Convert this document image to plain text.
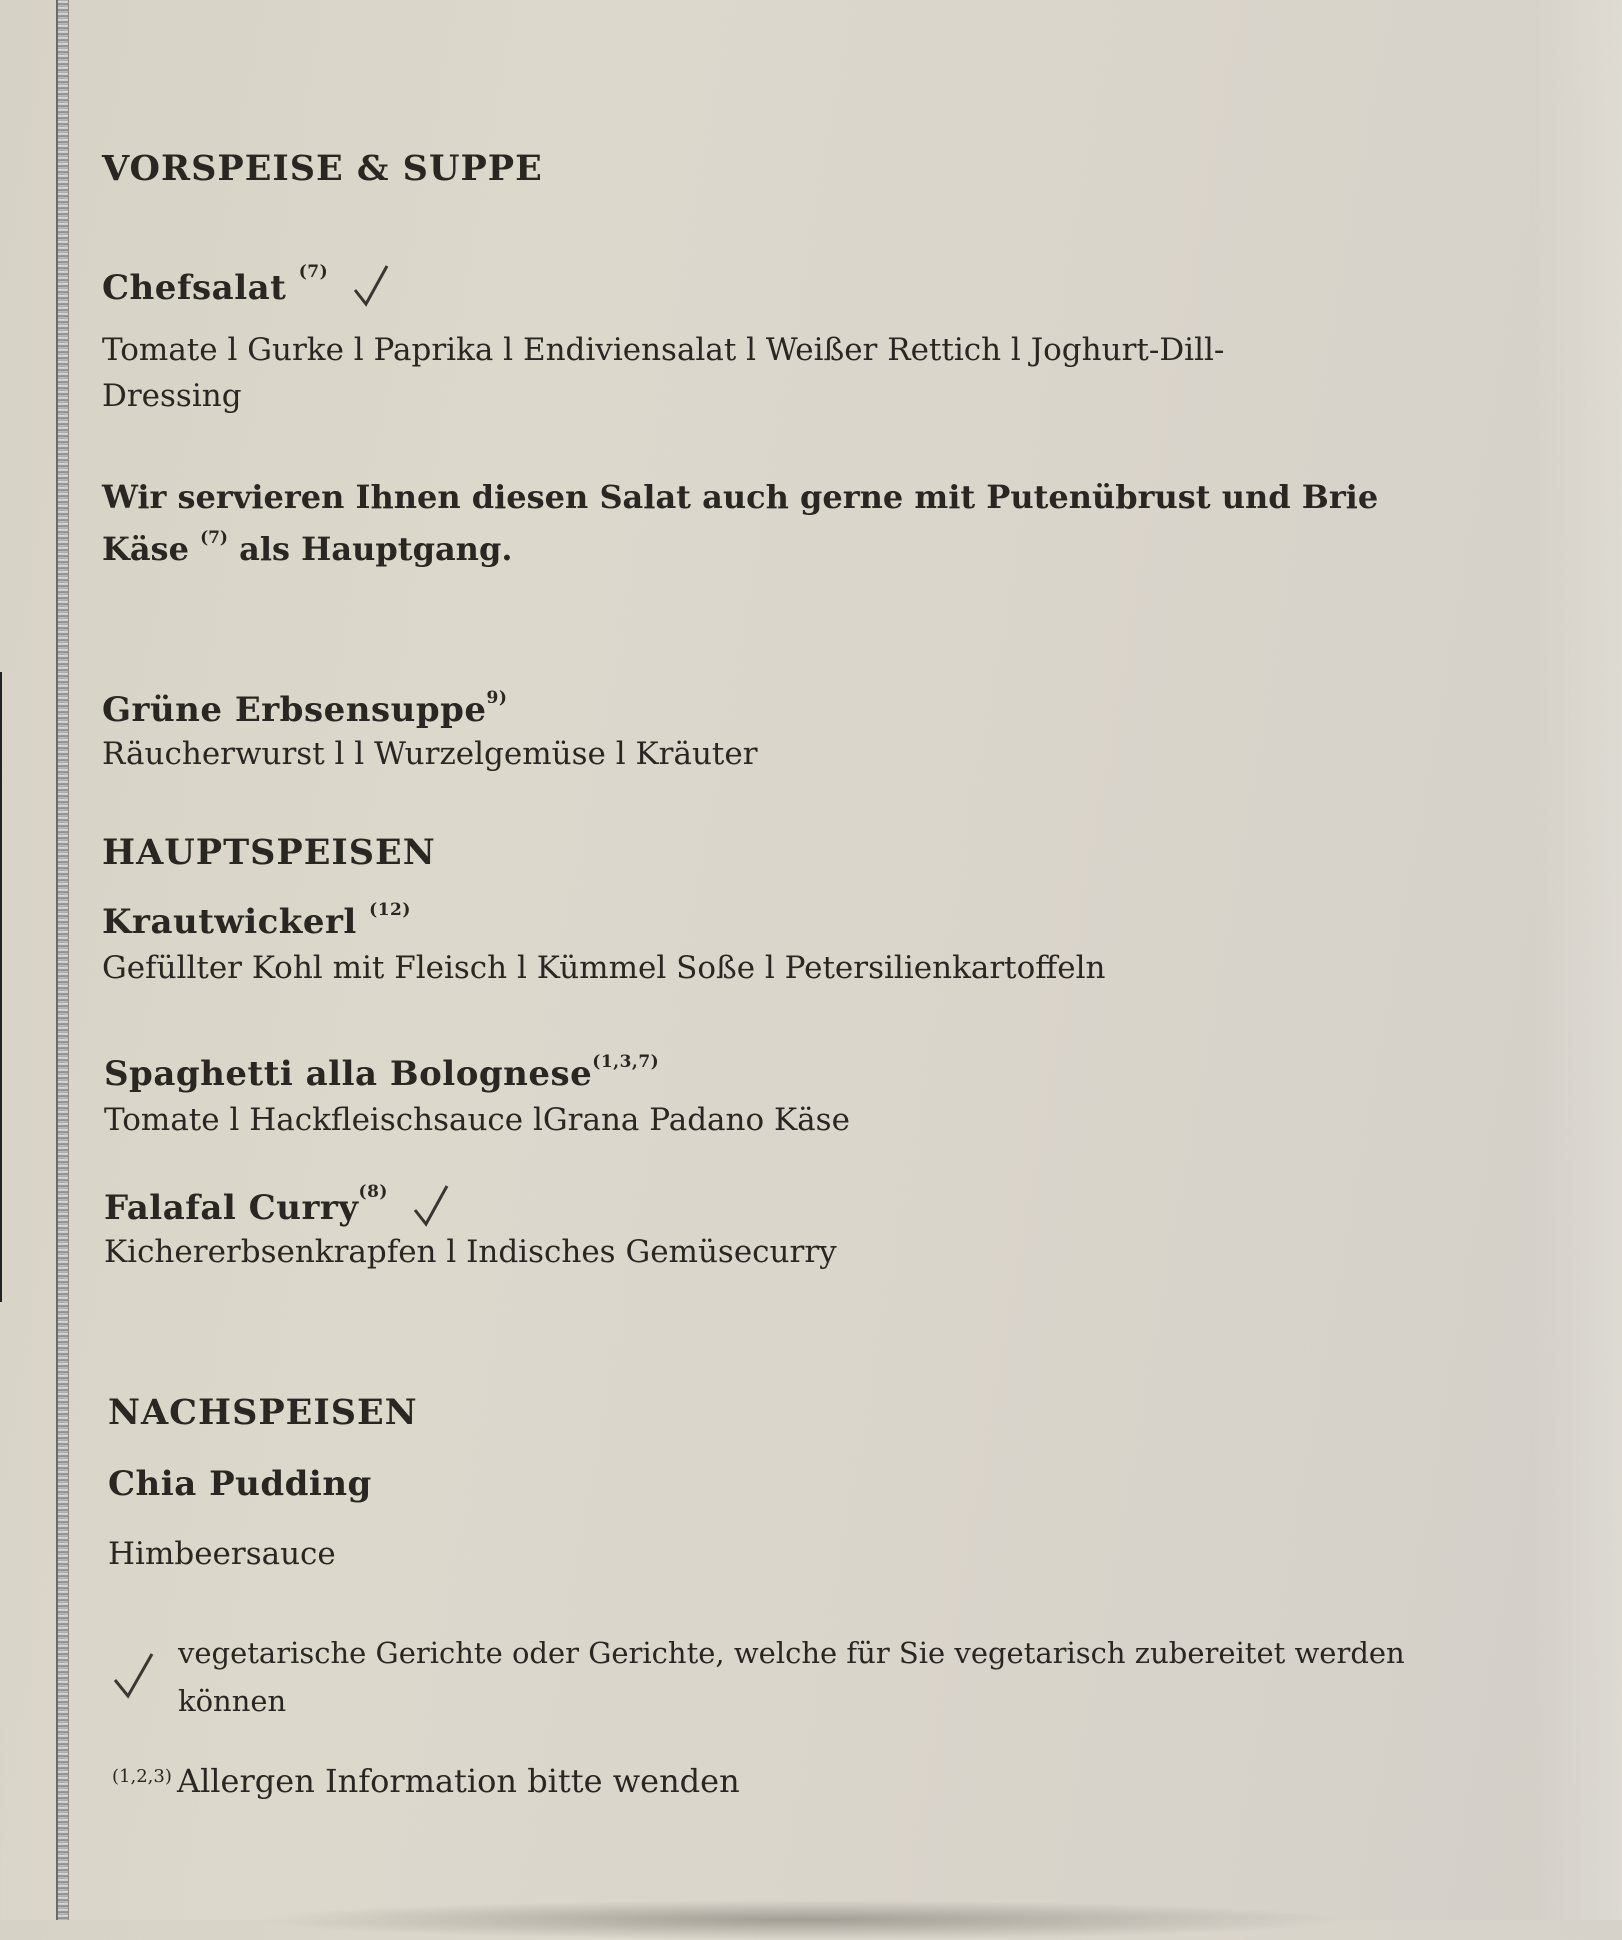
VORSPEISE & SUPPE
Chefsalat $^{(7)}$
Tomate l Gurke l Paprika l Endiviensalat l Weißer Rettich l Joghurt-Dill-
Dressing
Wir servieren Ihnen diesen Salat auch gerne mit Putenübrust und Brie
Käse $^{(7)}$ als Hauptgang.
Grüne Erbsensuppe$^{9)}$
Räucherwurst l l Wurzelgemüse l Kräuter
HAUPTSPEISEN
Krautwickerl $^{(12)}$
Gefüllter Kohl mit Fleisch l Kümmel Soße l Petersilienkartoffeln
Spaghetti alla Bolognese$^{(1,3,7)}$
Tomate l Hackfleischsauce lGrana Padano Käse
Falafal Curry$^{(8)}$
Kichererbsenkrapfen l Indisches Gemüsecurry
NACHSPEISEN
Chia Pudding
Himbeersauce
vegetarische Gerichte oder Gerichte, welche für Sie vegetarisch zubereitet werden
können
(1,2,3) Allergen Information bitte wenden
